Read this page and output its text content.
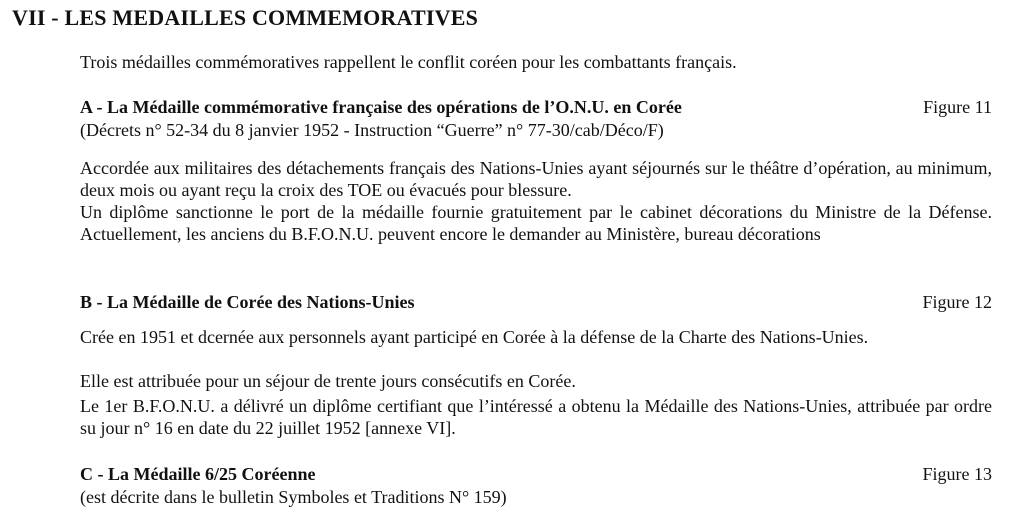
VII - LES MEDAILLES COMMEMORATIVES
Trois médailles commémoratives rappellent le conflit coréen pour les combattants français.
A - La Médaille commémorative française des opérations de l’O.N.U. en Corée	Figure 11
(Décrets n° 52-34 du 8 janvier 1952 - Instruction “Guerre” n° 77-30/cab/Déco/F)
Accordée aux militaires des détachements français des Nations-Unies ayant séjournés sur le théâtre d’opération, au minimum, deux mois ou ayant reçu la croix des TOE ou évacués pour blessure.
Un diplôme sanctionne le port de la médaille fournie gratuitement par le cabinet décorations du Ministre de la Défense. Actuellement, les anciens du B.F.O.N.U. peuvent encore le demander au Ministère, bureau décorations
B - La Médaille de Corée des Nations-Unies	Figure 12
Crée en 1951 et dcernée aux personnels ayant participé en Corée à la défense de la Charte des Nations-Unies.
Elle est attribuée pour un séjour de trente jours consécutifs en Corée.
Le 1er B.F.O.N.U. a délivré un diplôme certifiant que l’intéressé a obtenu la Médaille des Nations-Unies, attribuée par ordre su jour n° 16 en date du 22 juillet 1952 [annexe VI].
C - La Médaille 6/25 Coréenne	Figure 13
(est décrite dans le bulletin Symboles et Traditions N° 159)
